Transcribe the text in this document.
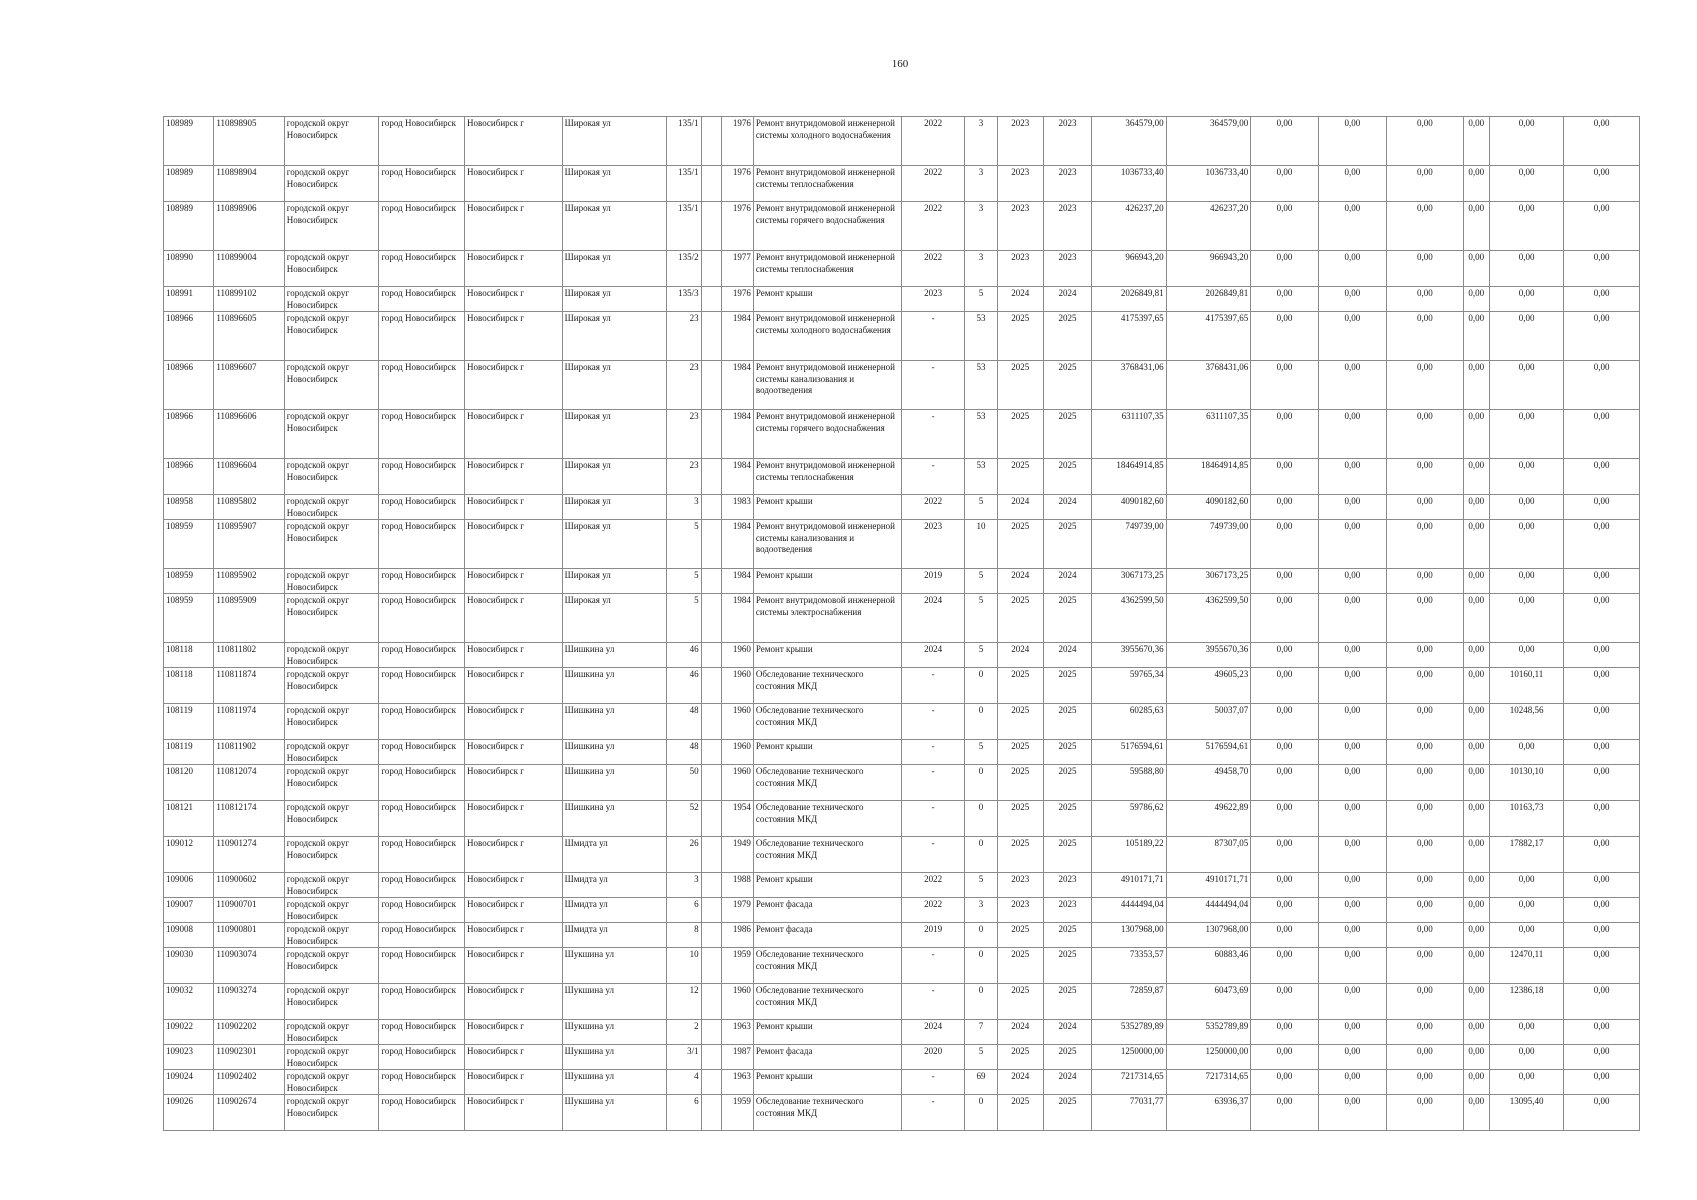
160
108989	110898905	городской округ Новосибирск	город Новосибирск	Новосибирск г	Широкая ул	135/1		1976	Ремонт внутридомовой инженерной системы холодного водоснабжения	2022	3	2023	2023	364579,00	364579,00	0,00	0,00	0,00	0,00	0,00	0,00
108989	110898904	городской округ Новосибирск	город Новосибирск	Новосибирск г	Широкая ул	135/1		1976	Ремонт внутридомовой инженерной системы теплоснабжения	2022	3	2023	2023	1036733,40	1036733,40	0,00	0,00	0,00	0,00	0,00	0,00
108989	110898906	городской округ Новосибирск	город Новосибирск	Новосибирск г	Широкая ул	135/1		1976	Ремонт внутридомовой инженерной системы горячего водоснабжения	2022	3	2023	2023	426237,20	426237,20	0,00	0,00	0,00	0,00	0,00	0,00
108990	110899004	городской округ Новосибирск	город Новосибирск	Новосибирск г	Широкая ул	135/2		1977	Ремонт внутридомовой инженерной системы теплоснабжения	2022	3	2023	2023	966943,20	966943,20	0,00	0,00	0,00	0,00	0,00	0,00
108991	110899102	городской округ Новосибирск	город Новосибирск	Новосибирск г	Широкая ул	135/3		1976	Ремонт крыши	2023	5	2024	2024	2026849,81	2026849,81	0,00	0,00	0,00	0,00	0,00	0,00
108966	110896605	городской округ Новосибирск	город Новосибирск	Новосибирск г	Широкая ул	23		1984	Ремонт внутридомовой инженерной системы холодного водоснабжения	-	53	2025	2025	4175397,65	4175397,65	0,00	0,00	0,00	0,00	0,00	0,00
108966	110896607	городской округ Новосибирск	город Новосибирск	Новосибирск г	Широкая ул	23		1984	Ремонт внутридомовой инженерной системы канализования и водоотведения	-	53	2025	2025	3768431,06	3768431,06	0,00	0,00	0,00	0,00	0,00	0,00
108966	110896606	городской округ Новосибирск	город Новосибирск	Новосибирск г	Широкая ул	23		1984	Ремонт внутридомовой инженерной системы горячего водоснабжения	-	53	2025	2025	6311107,35	6311107,35	0,00	0,00	0,00	0,00	0,00	0,00
108966	110896604	городской округ Новосибирск	город Новосибирск	Новосибирск г	Широкая ул	23		1984	Ремонт внутридомовой инженерной системы теплоснабжения	-	53	2025	2025	18464914,85	18464914,85	0,00	0,00	0,00	0,00	0,00	0,00
108958	110895802	городской округ Новосибирск	город Новосибирск	Новосибирск г	Широкая ул	3		1983	Ремонт крыши	2022	5	2024	2024	4090182,60	4090182,60	0,00	0,00	0,00	0,00	0,00	0,00
108959	110895907	городской округ Новосибирск	город Новосибирск	Новосибирск г	Широкая ул	5		1984	Ремонт внутридомовой инженерной системы канализования и водоотведения	2023	10	2025	2025	749739,00	749739,00	0,00	0,00	0,00	0,00	0,00	0,00
108959	110895902	городской округ Новосибирск	город Новосибирск	Новосибирск г	Широкая ул	5		1984	Ремонт крыши	2019	5	2024	2024	3067173,25	3067173,25	0,00	0,00	0,00	0,00	0,00	0,00
108959	110895909	городской округ Новосибирск	город Новосибирск	Новосибирск г	Широкая ул	5		1984	Ремонт внутридомовой инженерной системы электроснабжения	2024	5	2025	2025	4362599,50	4362599,50	0,00	0,00	0,00	0,00	0,00	0,00
108118	110811802	городской округ Новосибирск	город Новосибирск	Новосибирск г	Шишкина ул	46		1960	Ремонт крыши	2024	5	2024	2024	3955670,36	3955670,36	0,00	0,00	0,00	0,00	0,00	0,00
108118	110811874	городской округ Новосибирск	город Новосибирск	Новосибирск г	Шишкина ул	46		1960	Обследование технического состояния МКД	-	0	2025	2025	59765,34	49605,23	0,00	0,00	0,00	0,00	10160,11	0,00
108119	110811974	городской округ Новосибирск	город Новосибирск	Новосибирск г	Шишкина ул	48		1960	Обследование технического состояния МКД	-	0	2025	2025	60285,63	50037,07	0,00	0,00	0,00	0,00	10248,56	0,00
108119	110811902	городской округ Новосибирск	город Новосибирск	Новосибирск г	Шишкина ул	48		1960	Ремонт крыши	-	5	2025	2025	5176594,61	5176594,61	0,00	0,00	0,00	0,00	0,00	0,00
108120	110812074	городской округ Новосибирск	город Новосибирск	Новосибирск г	Шишкина ул	50		1960	Обследование технического состояния МКД	-	0	2025	2025	59588,80	49458,70	0,00	0,00	0,00	0,00	10130,10	0,00
108121	110812174	городской округ Новосибирск	город Новосибирск	Новосибирск г	Шишкина ул	52		1954	Обследование технического состояния МКД	-	0	2025	2025	59786,62	49622,89	0,00	0,00	0,00	0,00	10163,73	0,00
109012	110901274	городской округ Новосибирск	город Новосибирск	Новосибирск г	Шмидта ул	26		1949	Обследование технического состояния МКД	-	0	2025	2025	105189,22	87307,05	0,00	0,00	0,00	0,00	17882,17	0,00
109006	110900602	городской округ Новосибирск	город Новосибирск	Новосибирск г	Шмидта ул	3		1988	Ремонт крыши	2022	5	2023	2023	4910171,71	4910171,71	0,00	0,00	0,00	0,00	0,00	0,00
109007	110900701	городской округ Новосибирск	город Новосибирск	Новосибирск г	Шмидта ул	6		1979	Ремонт фасада	2022	3	2023	2023	4444494,04	4444494,04	0,00	0,00	0,00	0,00	0,00	0,00
109008	110900801	городской округ Новосибирск	город Новосибирск	Новосибирск г	Шмидта ул	8		1986	Ремонт фасада	2019	0	2025	2025	1307968,00	1307968,00	0,00	0,00	0,00	0,00	0,00	0,00
109030	110903074	городской округ Новосибирск	город Новосибирск	Новосибирск г	Шукшина ул	10		1959	Обследование технического состояния МКД	-	0	2025	2025	73353,57	60883,46	0,00	0,00	0,00	0,00	12470,11	0,00
109032	110903274	городской округ Новосибирск	город Новосибирск	Новосибирск г	Шукшина ул	12		1960	Обследование технического состояния МКД	-	0	2025	2025	72859,87	60473,69	0,00	0,00	0,00	0,00	12386,18	0,00
109022	110902202	городской округ Новосибирск	город Новосибирск	Новосибирск г	Шукшина ул	2		1963	Ремонт крыши	2024	7	2024	2024	5352789,89	5352789,89	0,00	0,00	0,00	0,00	0,00	0,00
109023	110902301	городской округ Новосибирск	город Новосибирск	Новосибирск г	Шукшина ул	3/1		1987	Ремонт фасада	2020	5	2025	2025	1250000,00	1250000,00	0,00	0,00	0,00	0,00	0,00	0,00
109024	110902402	городской округ Новосибирск	город Новосибирск	Новосибирск г	Шукшина ул	4		1963	Ремонт крыши	-	69	2024	2024	7217314,65	7217314,65	0,00	0,00	0,00	0,00	0,00	0,00
109026	110902674	городской округ Новосибирск	город Новосибирск	Новосибирск г	Шукшина ул	6		1959	Обследование технического состояния МКД	-	0	2025	2025	77031,77	63936,37	0,00	0,00	0,00	0,00	13095,40	0,00
